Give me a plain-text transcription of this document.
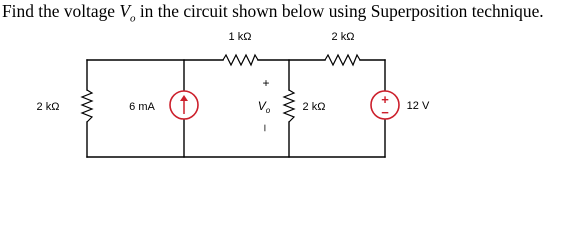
Find the voltage $V_o$ in the circuit shown below using Superposition technique.
1 kΩ	2 kΩ
2 kΩ	6 mA	2 kΩ
+
$V_o$
–
+
− 12 V
